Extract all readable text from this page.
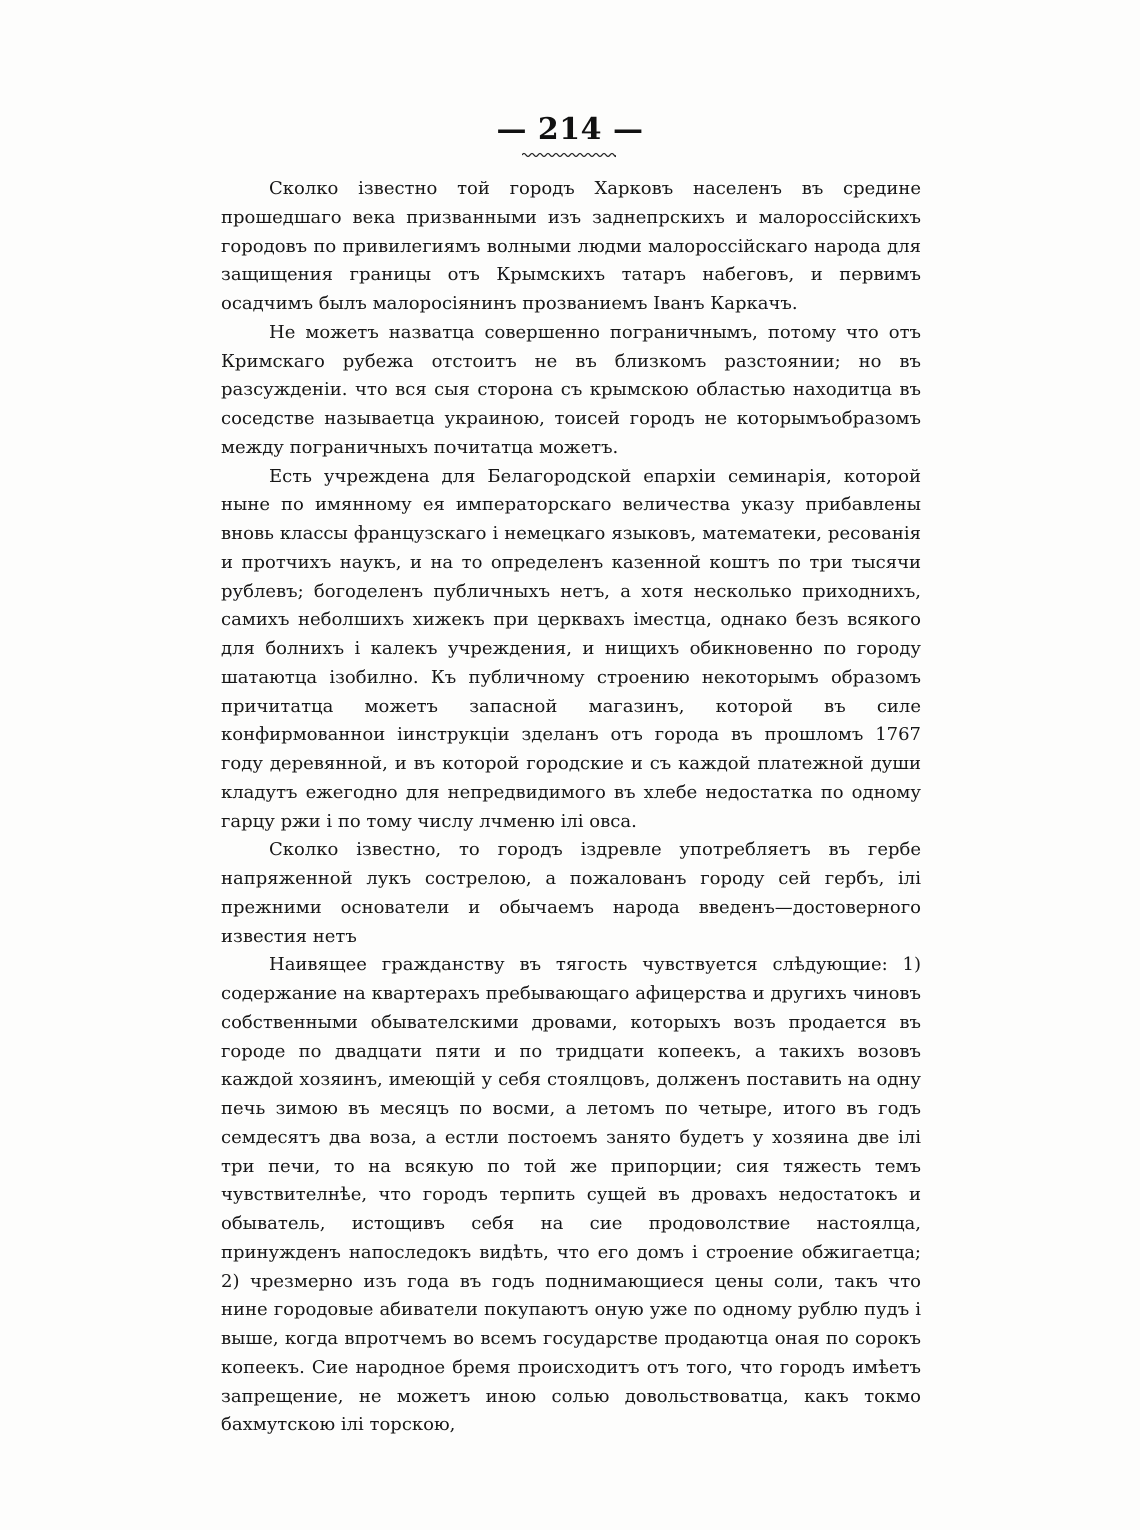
— 214 —

Сколко ізвестно той городъ Харковъ населенъ въ средине прошедшаго века призванными изъ заднепрскихъ и малороссійскихъ городовъ по привилегиямъ волными людми малороссійскаго народа для защищения границы отъ Крымскихъ татаръ набеговъ, и первимъ осадчимъ былъ малоросіянинъ прозваниемъ Іванъ Каркачъ.

Не можетъ назватца совершенно пограничнымъ, потому что отъ Кримскаго рубежа отстоитъ не въ близкомъ разстоянии; но въ разсужденіи. что вся сыя сторона съ крымскою областью находитца въ соседстве называетца украиною, тоисей городъ не которымъобразомъ между пограничныхъ почитатца можетъ.

Есть учреждена для Белагородской епархіи семинарія, которой ныне по имянному ея императорскаго величества указу прибавлены вновь классы французскаго і немецкаго языковъ, математеки, ресованія и протчихъ наукъ, и на то определенъ казенной коштъ по три тысячи рублевъ; богоделенъ публичныхъ нетъ, а хотя несколько приходнихъ, самихъ неболшихъ хижекъ при церквахъ іместца, однако безъ всякого для болнихъ і калекъ учреждения, и нищихъ обикновенно по городу шатаютца ізобилно. Къ публичному строению некоторымъ образомъ причитатца можетъ запасной магазинъ, которой въ силе конфирмованнои іинструкціи зделанъ отъ города въ прошломъ 1767 году деревянной, и въ которой городские и съ каждой платежной души кладутъ ежегодно для непредвидимого въ хлебе недостатка по одному гарцу ржи і по тому числу лчменю ілі овса.

Сколко ізвестно, то городъ іздревле употребляетъ въ гербе напряженной лукъ сострелою, а пожалованъ городу сей гербъ, ілі прежними основатели и обычаемъ народа введенъ—достоверного известия нетъ

Наивящее гражданству въ тягость чувствуется слѣдующие: 1) содержание на квартерахъ пребывающаго афицерства и другихъ чиновъ собственными обывателскими дровами, которыхъ возъ продается въ городе по двадцати пяти и по тридцати копеекъ, а такихъ возовъ каждой хозяинъ, имеющій у себя стоялцовъ, долженъ поставить на одну печь зимою въ месяцъ по восми, а летомъ по четыре, итого въ годъ семдесятъ два воза, а естли постоемъ занято будетъ у хозяина две ілі три печи, то на всякую по той же припорции; сия тяжесть темъ чувствителнѣе, что городъ терпить сущей въ дровахъ недостатокъ и обыватель, истощивъ себя на сие продоволствие настоялца, принужденъ напоследокъ видѣть, что его домъ і строение обжигаетца; 2) чрезмерно изъ года въ годъ поднимающиеся цены соли, такъ что нине городовые абиватели покупаютъ оную уже по одному рублю пудъ і выше, когда впротчемъ во всемъ государстве продаютца оная по сорокъ копеекъ. Сие народное бремя происходитъ отъ того, что городъ имѣетъ запрещение, не можетъ иною солью довольствоватца, какъ токмо бахмутскою ілі торскою,
